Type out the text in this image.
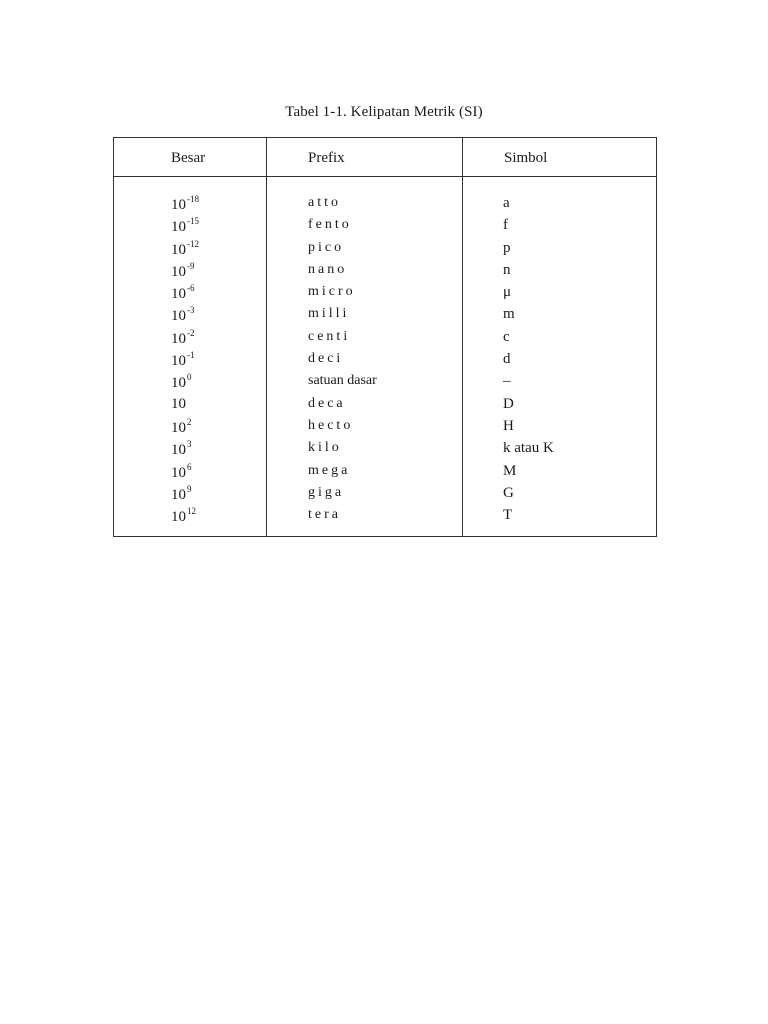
Tabel 1-1. Kelipatan Metrik (SI)
Besar	Prefix	Simbol
$10^{-18}$	atto	a
$10^{-15}$	fento	f
$10^{-12}$	pico	p
$10^{-9}$	nano	n
$10^{-6}$	micro	μ
$10^{-3}$	milli	m
$10^{-2}$	centi	c
$10^{-1}$	deci	d
$10^0$	satuan dasar	–
10	deca	D
$10^2$	hecto	H
$10^3$	kilo	k atau K
$10^6$	mega	M
$10^9$	giga	G
$10^{12}$	tera	T
